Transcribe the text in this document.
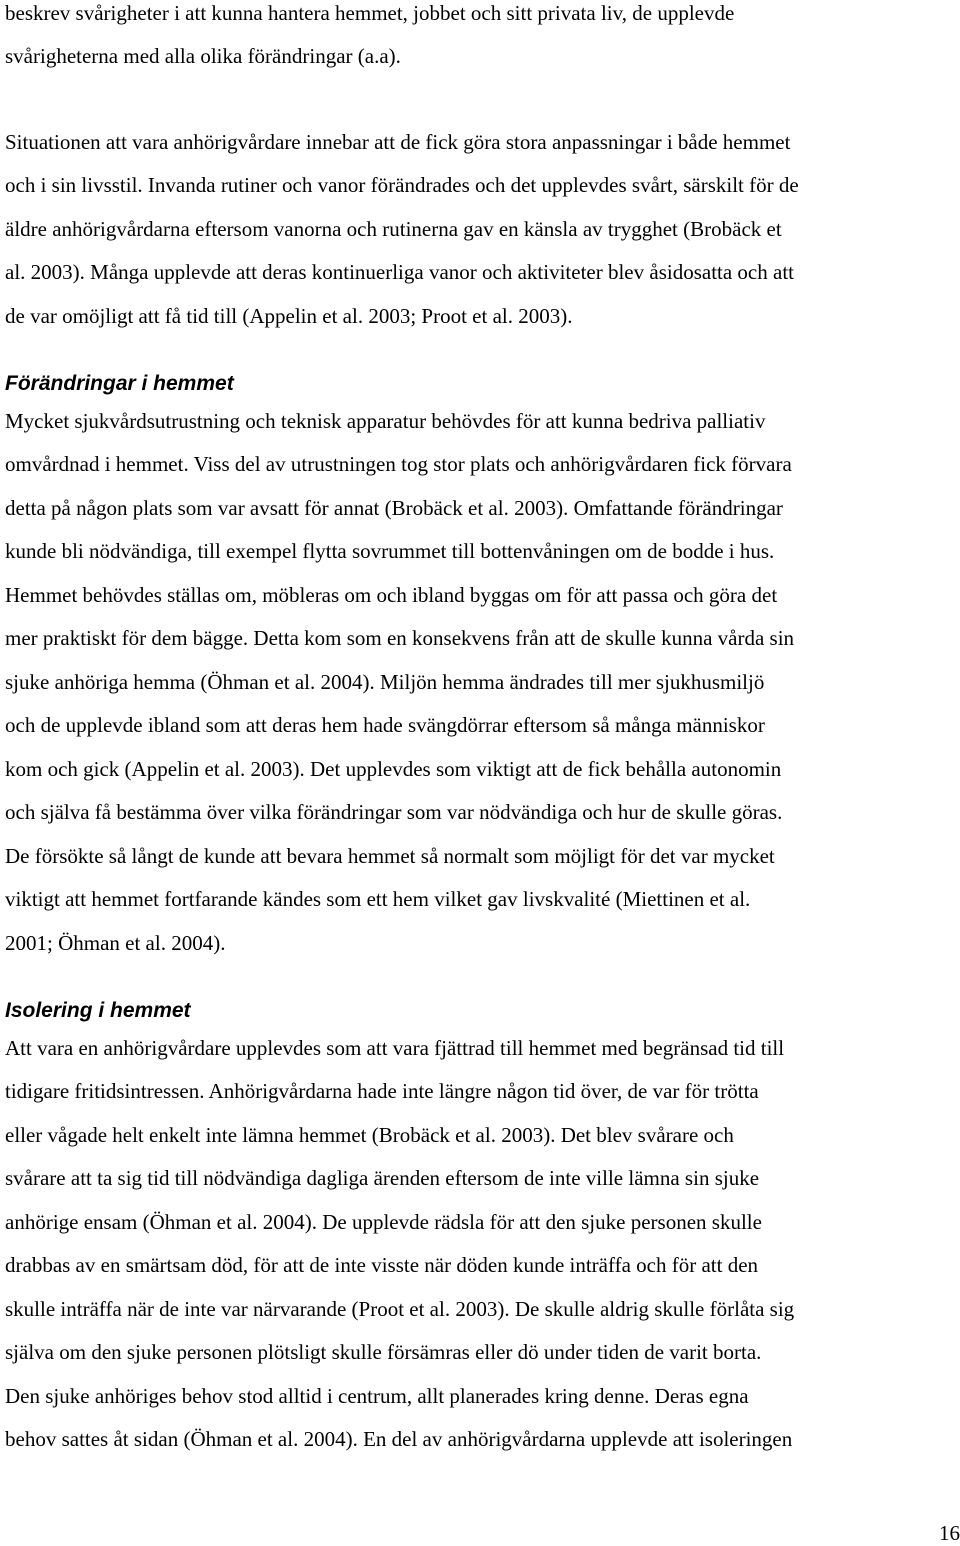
beskrev svårigheter i att kunna hantera hemmet, jobbet och sitt privata liv, de upplevde
svårigheterna med alla olika förändringar (a.a).
Situationen att vara anhörigvårdare innebar att de fick göra stora anpassningar i både hemmet
och i sin livsstil. Invanda rutiner och vanor förändrades och det upplevdes svårt, särskilt för de
äldre anhörigvårdarna eftersom vanorna och rutinerna gav en känsla av trygghet (Brobäck et
al. 2003). Många upplevde att deras kontinuerliga vanor och aktiviteter blev åsidosatta och att
de var omöjligt att få tid till (Appelin et al. 2003; Proot et al. 2003).
Förändringar i hemmet
Mycket sjukvårdsutrustning och teknisk apparatur behövdes för att kunna bedriva palliativ
omvårdnad i hemmet. Viss del av utrustningen tog stor plats och anhörigvårdaren fick förvara
detta på någon plats som var avsatt för annat (Brobäck et al. 2003). Omfattande förändringar
kunde bli nödvändiga, till exempel flytta sovrummet till bottenvåningen om de bodde i hus.
Hemmet behövdes ställas om, möbleras om och ibland byggas om för att passa och göra det
mer praktiskt för dem bägge. Detta kom som en konsekvens från att de skulle kunna vårda sin
sjuke anhöriga hemma (Öhman et al. 2004). Miljön hemma ändrades till mer sjukhusmiljö
och de upplevde ibland som att deras hem hade svängdörrar eftersom så många människor
kom och gick (Appelin et al. 2003). Det upplevdes som viktigt att de fick behålla autonomin
och själva få bestämma över vilka förändringar som var nödvändiga och hur de skulle göras.
De försökte så långt de kunde att bevara hemmet så normalt som möjligt för det var mycket
viktigt att hemmet fortfarande kändes som ett hem vilket gav livskvalité (Miettinen et al.
2001; Öhman et al. 2004).
Isolering i hemmet
Att vara en anhörigvårdare upplevdes som att vara fjättrad till hemmet med begränsad tid till
tidigare fritidsintressen. Anhörigvårdarna hade inte längre någon tid över, de var för trötta
eller vågade helt enkelt inte lämna hemmet (Brobäck et al. 2003). Det blev svårare och
svårare att ta sig tid till nödvändiga dagliga ärenden eftersom de inte ville lämna sin sjuke
anhörige ensam (Öhman et al. 2004). De upplevde rädsla för att den sjuke personen skulle
drabbas av en smärtsam död, för att de inte visste när döden kunde inträffa och för att den
skulle inträffa när de inte var närvarande (Proot et al. 2003). De skulle aldrig skulle förlåta sig
själva om den sjuke personen plötsligt skulle försämras eller dö under tiden de varit borta.
Den sjuke anhöriges behov stod alltid i centrum, allt planerades kring denne. Deras egna
behov sattes åt sidan (Öhman et al. 2004). En del av anhörigvårdarna upplevde att isoleringen
16
